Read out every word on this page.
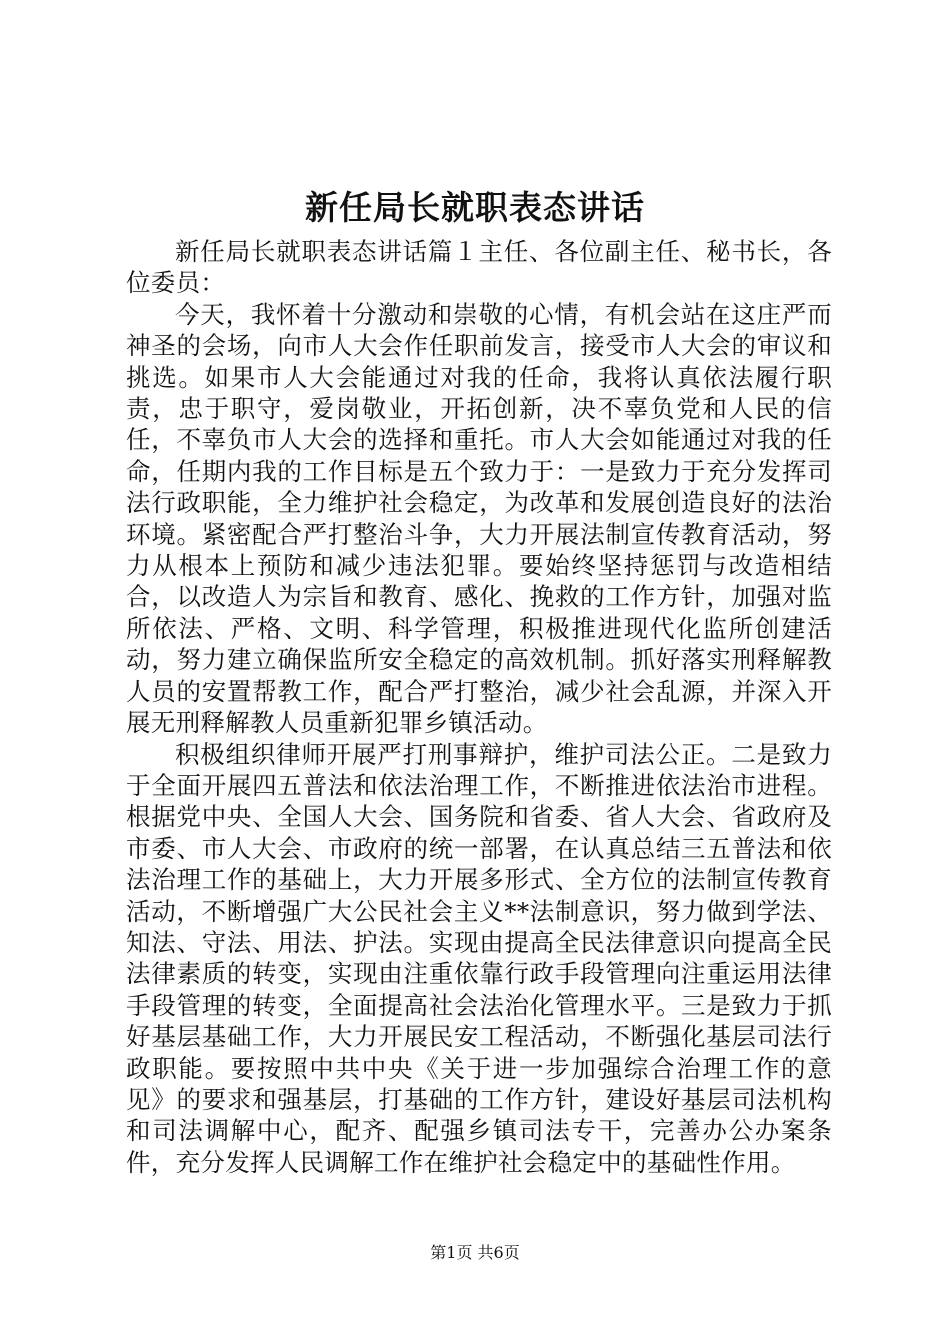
新任局长就职表态讲话

新任局长就职表态讲话篇１主任、各位副主任、秘书长，各位委员：

今天，我怀着十分激动和崇敬的心情，有机会站在这庄严而神圣的会场，向市人大会作任职前发言，接受市人大会的审议和挑选。如果市人大会能通过对我的任命，我将认真依法履行职责，忠于职守，爱岗敬业，开拓创新，决不辜负党和人民的信任，不辜负市人大会的选择和重托。市人大会如能通过对我的任命，任期内我的工作目标是五个致力于：一是致力于充分发挥司法行政职能，全力维护社会稳定，为改革和发展创造良好的法治环境。紧密配合严打整治斗争，大力开展法制宣传教育活动，努力从根本上预防和减少违法犯罪。要始终坚持惩罚与改造相结合，以改造人为宗旨和教育、感化、挽救的工作方针，加强对监所依法、严格、文明、科学管理，积极推进现代化监所创建活动，努力建立确保监所安全稳定的高效机制。抓好落实刑释解教人员的安置帮教工作，配合严打整治，减少社会乱源，并深入开展无刑释解教人员重新犯罪乡镇活动。

积极组织律师开展严打刑事辩护，维护司法公正。二是致力于全面开展四五普法和依法治理工作，不断推进依法治市进程。根据党中央、全国人大会、国务院和省委、省人大会、省政府及市委、市人大会、市政府的统一部署，在认真总结三五普法和依法治理工作的基础上，大力开展多形式、全方位的法制宣传教育活动，不断增强广大公民社会主义**法制意识，努力做到学法、知法、守法、用法、护法。实现由提高全民法律意识向提高全民法律素质的转变，实现由注重依靠行政手段管理向注重运用法律手段管理的转变，全面提高社会法治化管理水平。三是致力于抓好基层基础工作，大力开展民安工程活动，不断强化基层司法行政职能。要按照中共中央《关于进一步加强综合治理工作的意见》的要求和强基层，打基础的工作方针，建设好基层司法机构和司法调解中心，配齐、配强乡镇司法专干，完善办公办案条件，充分发挥人民调解工作在维护社会稳定中的基础性作用。

第1页 共6页
